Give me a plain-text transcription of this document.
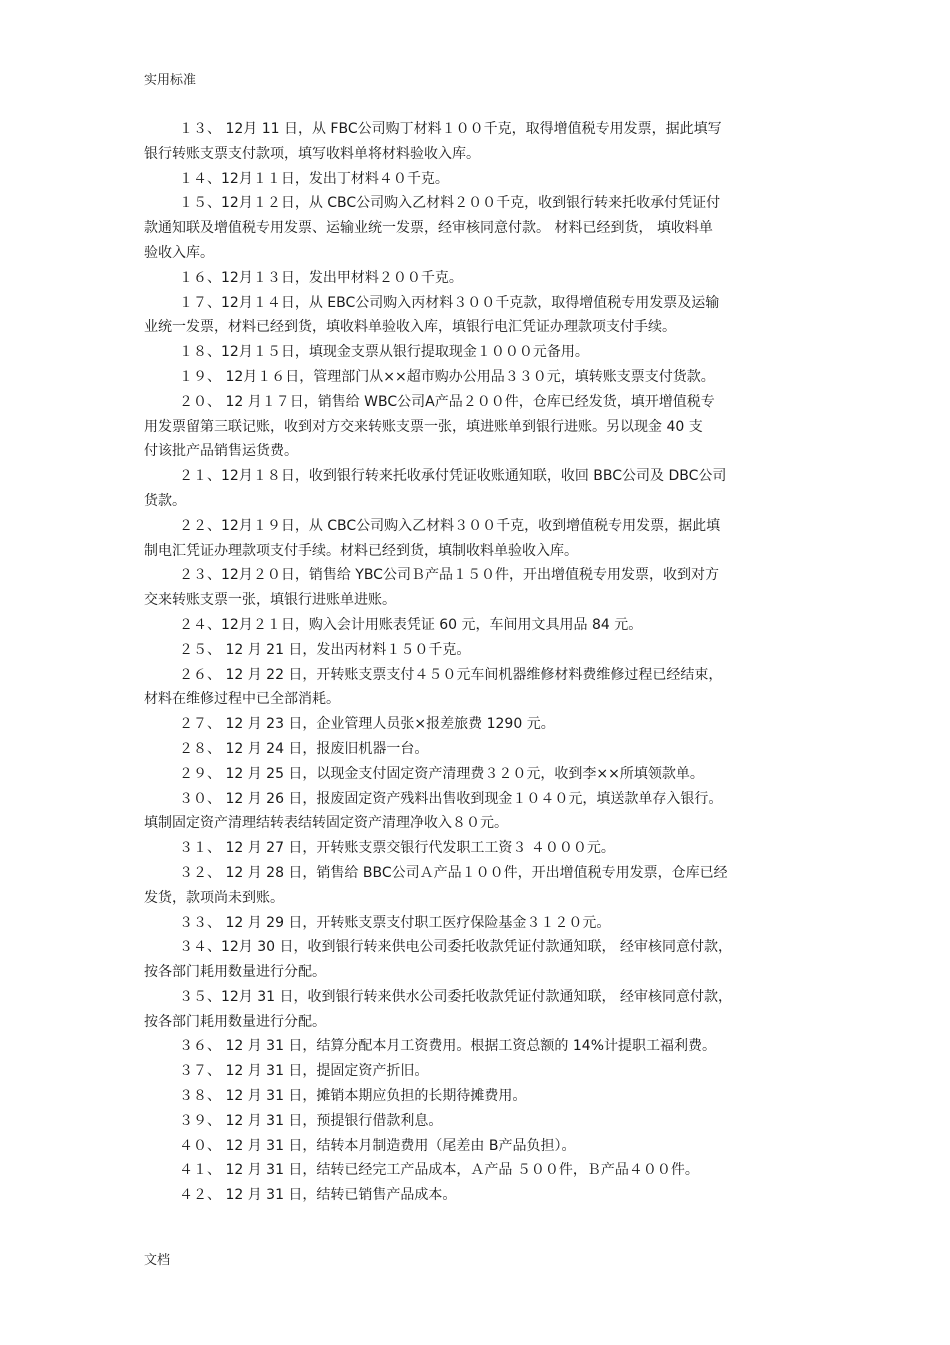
实用标准
１３、 12月 11 日，从 FBC公司购丁材料１００千克，取得增值税专用发票，据此填写
银行转账支票支付款项，填写收料单将材料验收入库。
１４、12月１１日，发出丁材料４０千克。
１５、12月１２日，从 CBC公司购入乙材料２００千克，收到银行转来托收承付凭证付
款通知联及增值税专用发票、运输业统一发票，经审核同意付款。 材料已经到货， 填收料单
验收入库。
１６、12月１３日，发出甲材料２００千克。
１７、12月１４日，从 EBC公司购入丙材料３００千克款，取得增值税专用发票及运输
业统一发票，材料已经到货，填收料单验收入库，填银行电汇凭证办理款项支付手续。
１８、12月１５日，填现金支票从银行提取现金１０００元备用。
１９、 12月１６日，管理部门从××超市购办公用品３３０元，填转账支票支付货款。
２０、 12 月１７日，销售给 WBC公司A产品２００件，仓库已经发货，填开增值税专
用发票留第三联记账，收到对方交来转账支票一张，填进账单到银行进账。另以现金 40 支
付该批产品销售运货费。
２１、12月１８日，收到银行转来托收承付凭证收账通知联，收回 BBC公司及 DBC公司
货款。
２２、12月１９日，从 CBC公司购入乙材料３００千克，收到增值税专用发票，据此填
制电汇凭证办理款项支付手续。材料已经到货，填制收料单验收入库。
２３、12月２０日，销售给 YBC公司Ｂ产品１５０件，开出增值税专用发票，收到对方
交来转账支票一张，填银行进账单进账。
２４、12月２１日，购入会计用账表凭证 60 元，车间用文具用品 84 元。
２５、 12 月 21 日，发出丙材料１５０千克。
２６、 12 月 22 日，开转账支票支付４５０元车间机器维修材料费维修过程已经结束，
材料在维修过程中已全部消耗。
２７、 12 月 23 日，企业管理人员张×报差旅费 1290 元。
２８、 12 月 24 日，报废旧机器一台。
２９、 12 月 25 日，以现金支付固定资产清理费３２０元，收到李××所填领款单。
３０、 12 月 26 日，报废固定资产残料出售收到现金１０４０元，填送款单存入银行。
填制固定资产清理结转表结转固定资产清理净收入８０元。
３１、 12 月 27 日，开转账支票交银行代发职工工资３ ４０００元。
３２、 12 月 28 日，销售给 BBC公司Ａ产品１００件，开出增值税专用发票，仓库已经
发货，款项尚未到账。
３３、 12 月 29 日，开转账支票支付职工医疗保险基金３１２０元。
３４、12月 30 日，收到银行转来供电公司委托收款凭证付款通知联， 经审核同意付款，
按各部门耗用数量进行分配。
３５、12月 31 日，收到银行转来供水公司委托收款凭证付款通知联， 经审核同意付款，
按各部门耗用数量进行分配。
３６、 12 月 31 日，结算分配本月工资费用。根据工资总额的 14%计提职工福利费。
３７、 12 月 31 日，提固定资产折旧。
３８、 12 月 31 日，摊销本期应负担的长期待摊费用。
３９、 12 月 31 日，预提银行借款利息。
４０、 12 月 31 日，结转本月制造费用（尾差由 B产品负担）。
４１、 12 月 31 日，结转已经完工产品成本，Ａ产品 ５００件，Ｂ产品４００件。
４２、 12 月 31 日，结转已销售产品成本。
文档
